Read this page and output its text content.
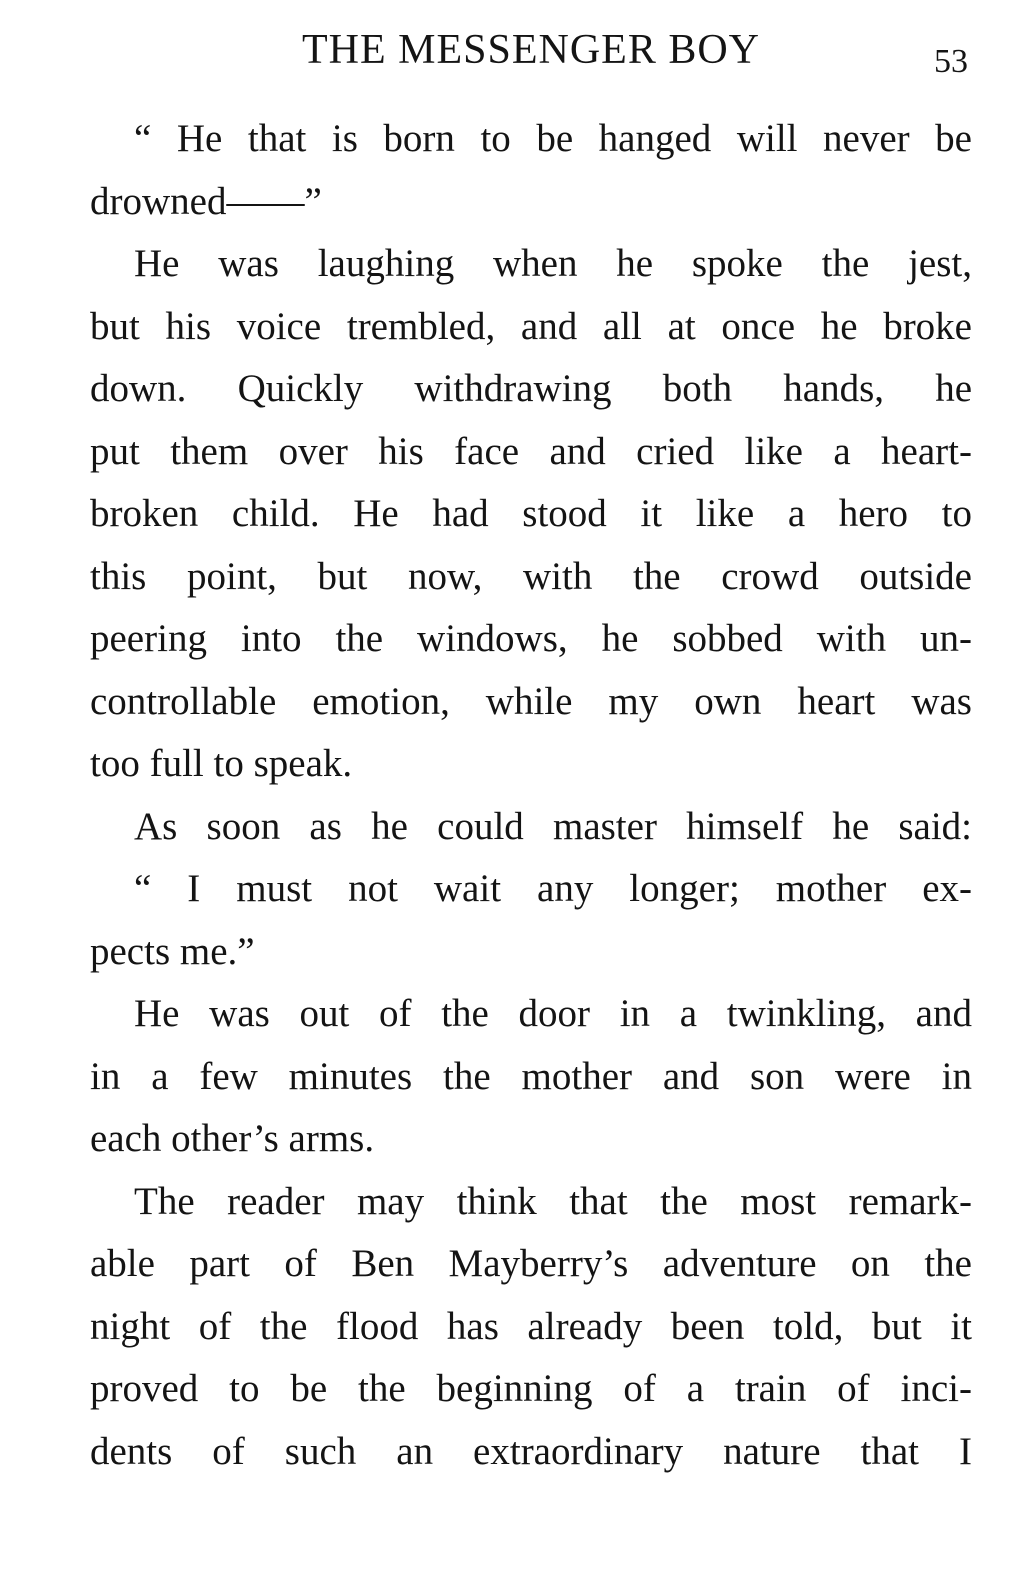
THE MESSENGER BOY	53
“ He that is born to be hanged will never be
drowned——”
He was laughing when he spoke the jest,
but his voice trembled, and all at once he broke
down. Quickly withdrawing both hands, he
put them over his face and cried like a heart-
broken child. He had stood it like a hero to
this point, but now, with the crowd outside
peering into the windows, he sobbed with un-
controllable emotion, while my own heart was
too full to speak.
As soon as he could master himself he said:
“ I must not wait any longer; mother ex-
pects me.”
He was out of the door in a twinkling, and
in a few minutes the mother and son were in
each other’s arms.
The reader may think that the most remark-
able part of Ben Mayberry’s adventure on the
night of the flood has already been told, but it
proved to be the beginning of a train of inci-
dents of such an extraordinary nature that I
